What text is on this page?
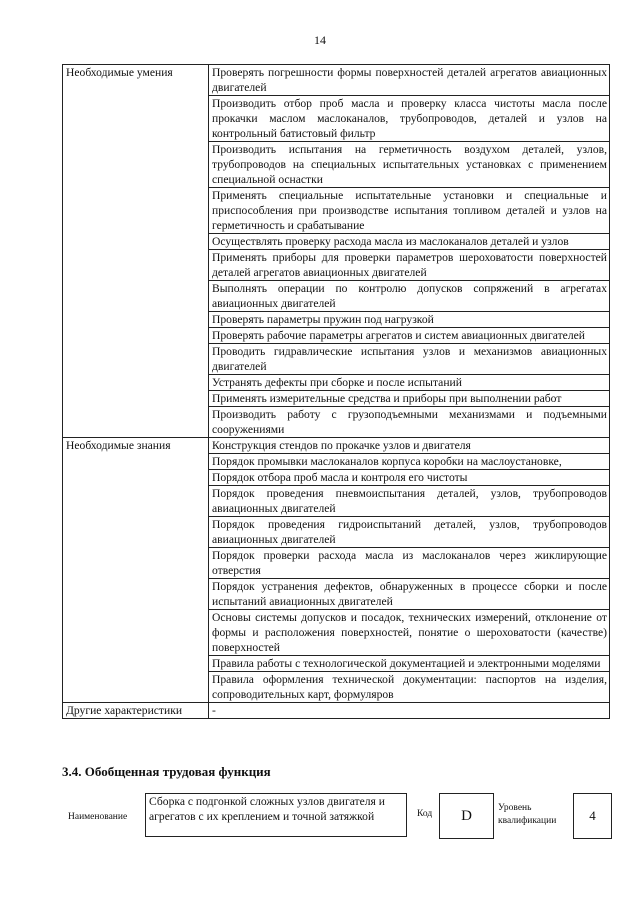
14
Необходимые умения	Проверять погрешности формы поверхностей деталей агрегатов авиационных двигателей
	Производить отбор проб масла и проверку класса чистоты масла после прокачки маслом маслоканалов, трубопроводов, деталей и узлов на контрольный батистовый фильтр
	Производить испытания на герметичность воздухом деталей, узлов, трубопроводов на специальных испытательных установках с применением специальной оснастки
	Применять специальные испытательные установки и специальные и приспособления при производстве испытания топливом деталей и узлов на герметичность и срабатывание
	Осуществлять проверку расхода масла из маслоканалов деталей и узлов
	Применять приборы для проверки параметров шероховатости поверхностей деталей агрегатов авиационных двигателей
	Выполнять операции по контролю допусков сопряжений в агрегатах авиационных двигателей
	Проверять параметры пружин под нагрузкой
	Проверять рабочие параметры агрегатов и систем авиационных двигателей
	Проводить гидравлические испытания узлов и механизмов авиационных двигателей
	Устранять дефекты при сборке и после испытаний
	Применять измерительные средства и приборы при выполнении работ
	Производить работу с грузоподъемными механизмами и подъемными сооружениями
Необходимые знания	Конструкция стендов по прокачке узлов и двигателя
	Порядок промывки маслоканалов корпуса коробки на маслоустановке,
	Порядок отбора проб масла и контроля его чистоты
	Порядок проведения пневмоиспытания деталей, узлов, трубопроводов авиационных двигателей
	Порядок проведения гидроиспытаний деталей, узлов, трубопроводов авиационных двигателей
	Порядок проверки расхода масла из маслоканалов через жиклирующие отверстия
	Порядок устранения дефектов, обнаруженных в процессе сборки и после испытаний авиационных двигателей
	Основы системы допусков и посадок, технических измерений, отклонение от формы и расположения поверхностей, понятие о шероховатости (качестве) поверхностей
	Правила работы с технологической документацией и электронными моделями
	Правила оформления технической документации: паспортов на изделия, сопроводительных карт, формуляров
Другие характеристики	-
3.4. Обобщенная трудовая функция
Наименование
Сборка с подгонкой сложных узлов двигателя и агрегатов с их креплением и точной затяжкой	Код	D	Уровень квалификации	4
